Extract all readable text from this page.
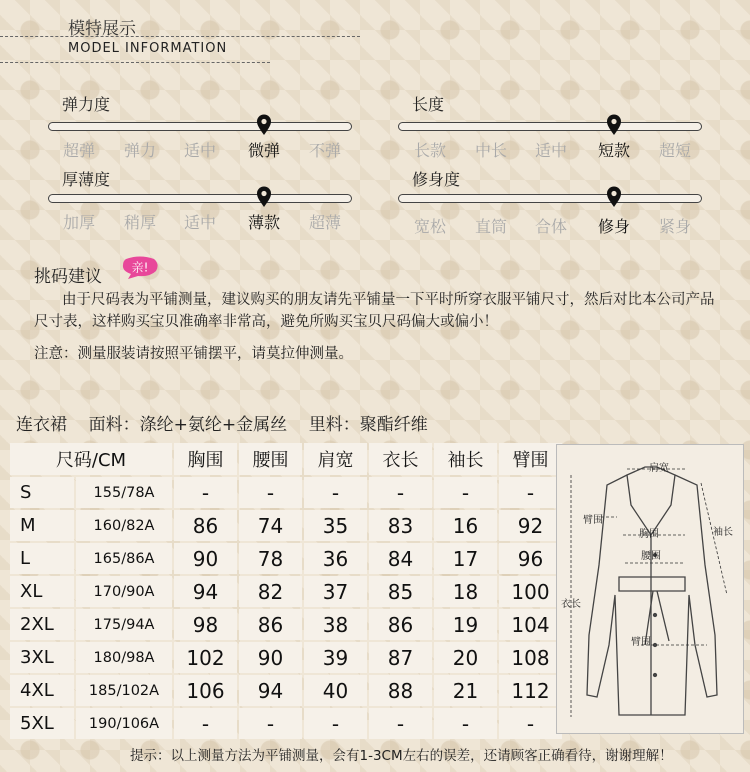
模特展示
MODEL INFORMATION
弹力度
超弹 弹力 适中 微弹 不弹
长度
长款 中长 适中 短款 超短
厚薄度
加厚 稍厚 适中 薄款 超薄
修身度
宽松 直筒 合体 修身 紧身
挑码建议 亲!
由于尺码表为平铺测量，建议购买的朋友请先平铺量一下平时所穿衣服平铺尺寸，然后对比本公司产品尺寸表，这样购买宝贝准确率非常高，避免所购买宝贝尺码偏大或偏小！
注意：测量服装请按照平铺摆平，请莫拉伸测量。
连衣裙    面料：涤纶+氨纶+金属丝    里料：聚酯纤维
尺码/CM		胸围	腰围	肩宽	衣长	袖长	臂围
S	155/78A	-	-	-	-	-	-
M	160/82A	86	74	35	83	16	92
L	165/86A	90	78	36	84	17	96
XL	170/90A	94	82	37	85	18	100
2XL	175/94A	98	86	38	86	19	104
3XL	180/98A	102	90	39	87	20	108
4XL	185/102A	106	94	40	88	21	112
5XL	190/106A	-	-	-	-	-	-
肩宽
臂围
胸围	袖长
腰围
衣长
臂围
提示：以上测量方法为平铺测量，会有1-3CM左右的误差，还请顾客正确看待，谢谢理解！
